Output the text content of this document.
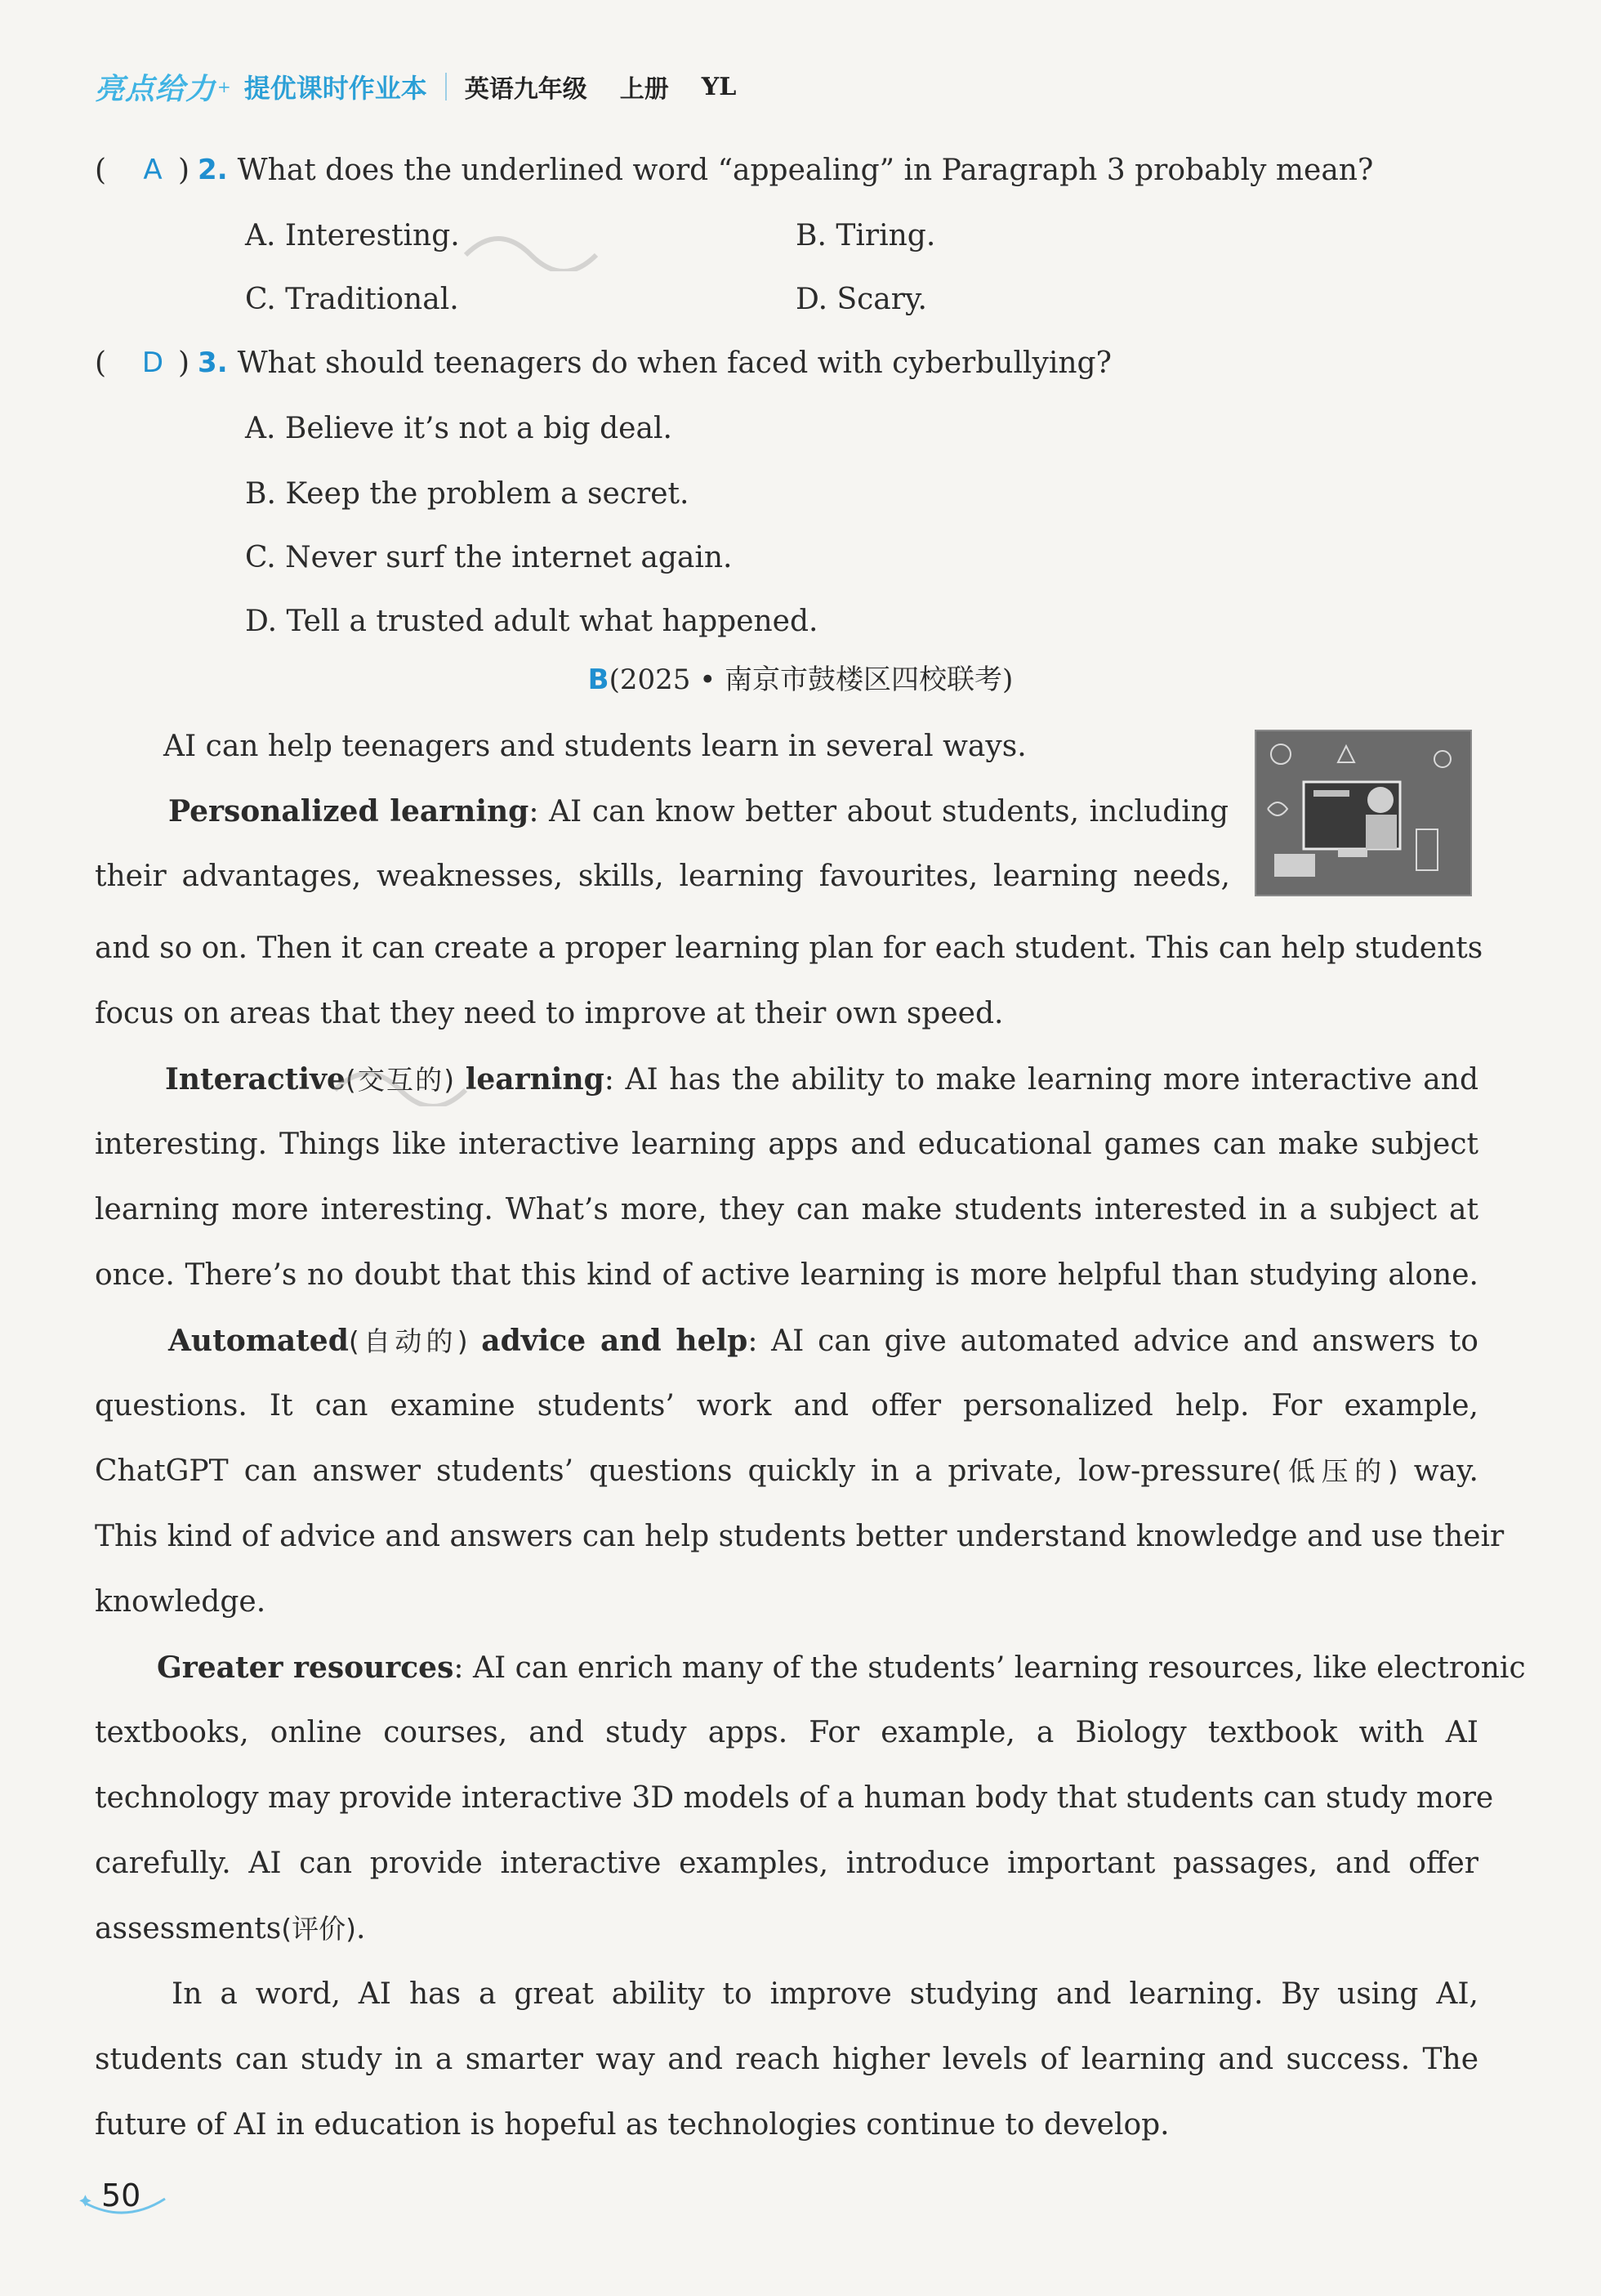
亮点给力 + 提优课时作业本 英语九年级 上册 YL
(	A ) 2. What does the underlined word “appealing” in Paragraph 3 probably mean?
A. Interesting.	B. Tiring.
C. Traditional.	D. Scary.
(	D ) 3. What should teenagers do when faced with cyberbullying?
A. Believe it’s not a big deal.
B. Keep the problem a secret.
C. Never surf the internet again.
D. Tell a trusted adult what happened.
B(2025 • 南京市鼓楼区四校联考)
AI can help teenagers and students learn in several ways.
Personalized learning: AI can know better about students, including
their advantages, weaknesses, skills, learning favourites, learning needs,
and so on. Then it can create a proper learning plan for each student. This can help students
focus on areas that they need to improve at their own speed.
Interactive(交互的) learning: AI has the ability to make learning more interactive and
interesting. Things like interactive learning apps and educational games can make subject
learning more interesting. What’s more, they can make students interested in a subject at
once. There’s no doubt that this kind of active learning is more helpful than studying alone.
Automated(自动的) advice and help: AI can give automated advice and answers to
questions. It can examine students’ work and offer personalized help. For example,
ChatGPT can answer students’ questions quickly in a private, low-pressure(低压的) way.
This kind of advice and answers can help students better understand knowledge and use their
knowledge.
Greater resources: AI can enrich many of the students’ learning resources, like electronic
textbooks, online courses, and study apps. For example, a Biology textbook with AI
technology may provide interactive 3D models of a human body that students can study more
carefully. AI can provide interactive examples, introduce important passages, and offer
assessments(评价).
In a word, AI has a great ability to improve studying and learning. By using AI,
students can study in a smarter way and reach higher levels of learning and success. The
future of AI in education is hopeful as technologies continue to develop.
50
